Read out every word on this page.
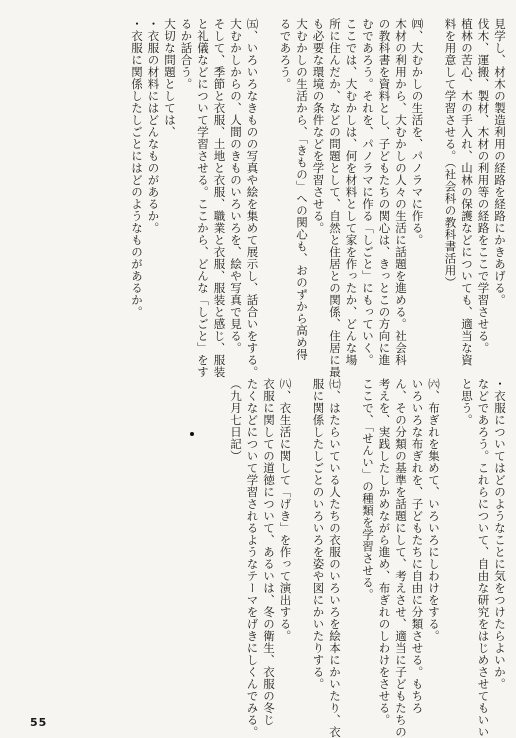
見学し、材木の製造利用の経路を経路にかきあげる。
伐木、運搬、製材、木材の利用等の経路をここで学習させる。
植林の苦心、木の手入れ、山林の保護などについても、適当な資
料を用意して学習させる。（社会科の教科書活用）

㈣、大むかしの生活を、パノラマに作る。
木材の利用から、大むかしの人々の生活に話題を進める。社会科
の教科書を資料とし、子どもたちの関心は、きっとこの方向に進
むであろう。それを、パノラマに作る「しごと」にもっていく。
ここでは、大むかしは、何を材料として家を作ったか、どんな場
所に住んだか、などの問題として、自然と住居との関係、住居に最
も必要な環境の条件などを学習させる。
大むかしの生活から、「きもの」への関心も、おのずから高め得
るであろう。

㈤、いろいろなきものの写真や絵を集めて展示し、話合いをする。
大むかしからの、人間のきものいろいろを、絵や写真で見る。
そして、季節と衣服、土地と衣服、職業と衣服、服装と感じ、服装
と礼儀などについて学習させる。ここから、どんな「しごと」をす
るか話合う。
大切な問題としては、
・衣服の材料にはどんなものがあるか。
・衣服に関係したしごとにはどのようなものがあるか。
・衣服についてはどのようなことに気をつけたらよいか。
などであろう。これらについて、自由な研究をはじめさせてもいい
と思う。

㈥、布ぎれを集めて、いろいろにしわけをする。
いろいろな布ぎれを、子どもたちに自由に分類させる。もちろ
ん、その分類の基準を話題にして、考えさせ、適当に子どもたちの
考えを、実践したしかめながら進め、布ぎれのしわけをさせる。
ここで、「せんい」の種類を学習させる。

㈦、はたらいている人たちの衣服のいろいろを絵本にかいたり、衣
服に関係したしごとのいろいろを姿や図にかいたりする。

㈧、衣生活に関して「げき」を作って演出する。
衣服に関しての道徳について、あるいは、冬の衛生、衣服の冬じ
たくなどについて学習されるようなテーマをげきにしくんでみる。
（九月七日記）
55
